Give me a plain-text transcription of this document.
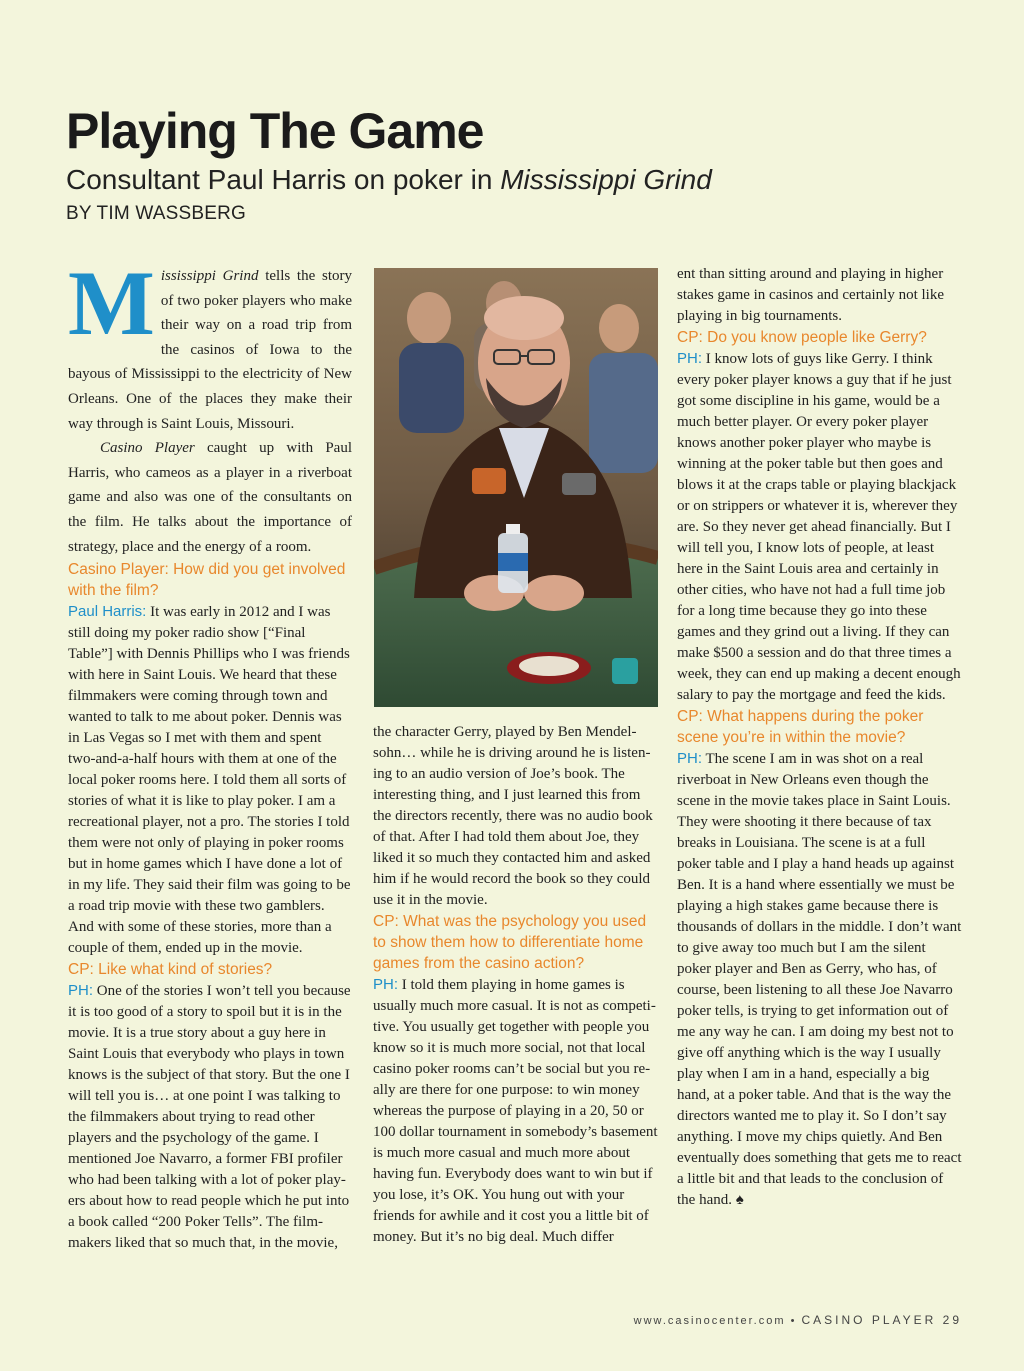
Playing The Game
Consultant Paul Harris on poker in Mississippi Grind
BY TIM WASSBERG

Mississippi Grind tells the story of two poker players who make their way on a road trip from the casinos of Iowa to the bayous of Mississippi to the electricity of New Orleans. One of the places they make their way through is Saint Louis, Missouri.

Casino Player caught up with Paul Harris, who cameos as a player in a riverboat game and also was one of the consultants on the film. He talks about the importance of strategy, place and the energy of a room.

Casino Player: How did you get involved with the film?

Paul Harris: It was early in 2012 and I was still doing my poker radio show [“Final Table”] with Dennis Phillips who I was friends with here in Saint Louis. We heard that these filmmakers were coming through town and wanted to talk to me about poker. Dennis was in Las Vegas so I met with them and spent two-and-a-half hours with them at one of the local poker rooms here. I told them all sorts of stories of what it is like to play poker. I am a recreational player, not a pro. The stories I told them were not only of playing in poker rooms but in home games which I have done a lot of in my life. They said their film was going to be a road trip movie with these two gamblers. And with some of these stories, more than a couple of them, ended up in the movie.

CP: Like what kind of stories?

PH: One of the stories I won’t tell you because it is too good of a story to spoil but it is in the movie. It is a true story about a guy here in Saint Louis that everybody who plays in town knows is the subject of that story. But the one I will tell you is… at one point I was talking to the filmmakers about trying to read other players and the psychology of the game. I mentioned Joe Navarro, a former FBI profiler who had been talking with a lot of poker players about how to read people which he put into a book called “200 Poker Tells”. The filmmakers liked that so much that, in the movie,

the character Gerry, played by Ben Mendelsohn… while he is driving around he is listening to an audio version of Joe’s book. The interesting thing, and I just learned this from the directors recently, there was no audio book of that. After I had told them about Joe, they liked it so much they contacted him and asked him if he would record the book so they could use it in the movie.

CP: What was the psychology you used to show them how to differentiate home games from the casino action?

PH: I told them playing in home games is usually much more casual. It is not as competitive. You usually get together with people you know so it is much more social, not that local casino poker rooms can’t be social but you really are there for one purpose: to win money whereas the purpose of playing in a 20, 50 or 100 dollar tournament in somebody’s basement is much more casual and much more about having fun. Everybody does want to win but if you lose, it’s OK. You hung out with your friends for awhile and it cost you a little bit of money. But it’s no big deal. Much differ

ent than sitting around and playing in higher stakes game in casinos and certainly not like playing in big tournaments.

CP: Do you know people like Gerry?

PH: I know lots of guys like Gerry. I think every poker player knows a guy that if he just got some discipline in his game, would be a much better player. Or every poker player knows another poker player who maybe is winning at the poker table but then goes and blows it at the craps table or playing blackjack or on strippers or whatever it is, wherever they are. So they never get ahead financially. But I will tell you, I know lots of people, at least here in the Saint Louis area and certainly in other cities, who have not had a full time job for a long time because they go into these games and they grind out a living. If they can make $500 a session and do that three times a week, they can end up making a decent enough salary to pay the mortgage and feed the kids.

CP: What happens during the poker scene you’re in within the movie?

PH: The scene I am in was shot on a real riverboat in New Orleans even though the scene in the movie takes place in Saint Louis. They were shooting it there because of tax breaks in Louisiana. The scene is at a full poker table and I play a hand heads up against Ben. It is a hand where essentially we must be playing a high stakes game because there is thousands of dollars in the middle. I don’t want to give away too much but I am the silent poker player and Ben as Gerry, who has, of course, been listening to all these Joe Navarro poker tells, is trying to get information out of me any way he can. I am doing my best not to give off anything which is the way I usually play when I am in a hand, especially a big hand, at a poker table. And that is the way the directors wanted me to play it. So I don’t say anything. I move my chips quietly. And Ben eventually does something that gets me to react a little bit and that leads to the conclusion of the hand. ♠

www.casinocenter.com • CASINO PLAYER 29
